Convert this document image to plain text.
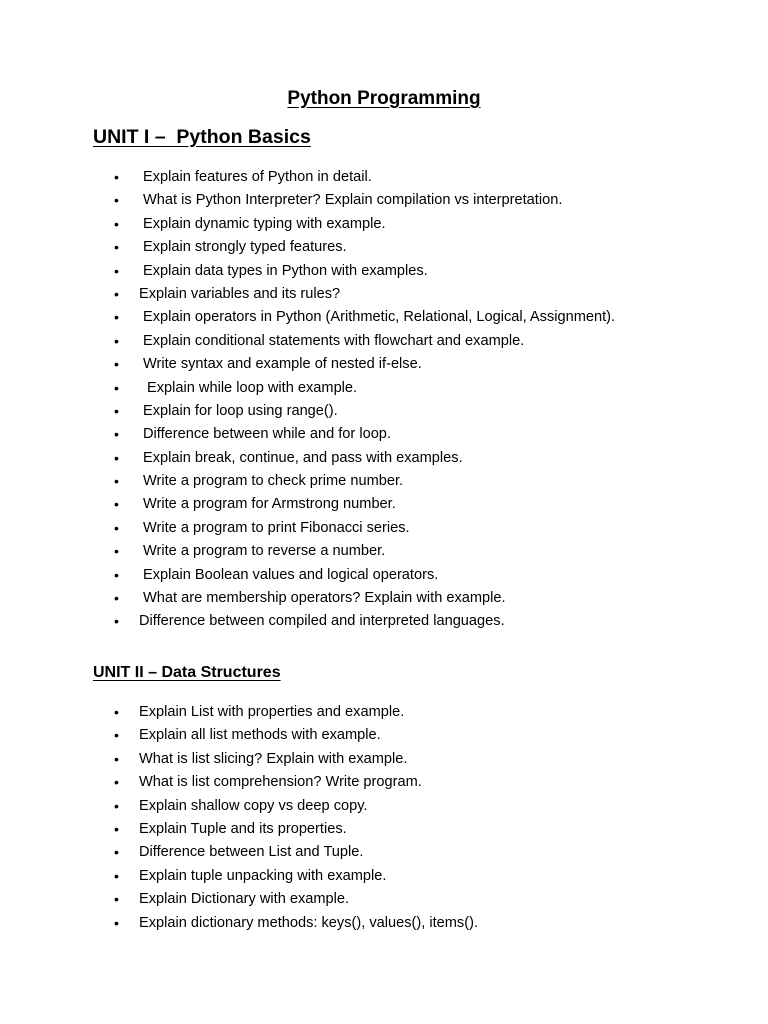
Python Programming
UNIT I –  Python Basics
• Explain features of Python in detail.
• What is Python Interpreter? Explain compilation vs interpretation.
• Explain dynamic typing with example.
• Explain strongly typed features.
• Explain data types in Python with examples.
• Explain variables and its rules?
• Explain operators in Python (Arithmetic, Relational, Logical, Assignment).
• Explain conditional statements with flowchart and example.
• Write syntax and example of nested if-else.
• Explain while loop with example.
• Explain for loop using range().
• Difference between while and for loop.
• Explain break, continue, and pass with examples.
• Write a program to check prime number.
• Write a program for Armstrong number.
• Write a program to print Fibonacci series.
• Write a program to reverse a number.
• Explain Boolean values and logical operators.
• What are membership operators? Explain with example.
• Difference between compiled and interpreted languages.
UNIT II – Data Structures
• Explain List with properties and example.
• Explain all list methods with example.
• What is list slicing? Explain with example.
• What is list comprehension? Write program.
• Explain shallow copy vs deep copy.
• Explain Tuple and its properties.
• Difference between List and Tuple.
• Explain tuple unpacking with example.
• Explain Dictionary with example.
• Explain dictionary methods: keys(), values(), items().
